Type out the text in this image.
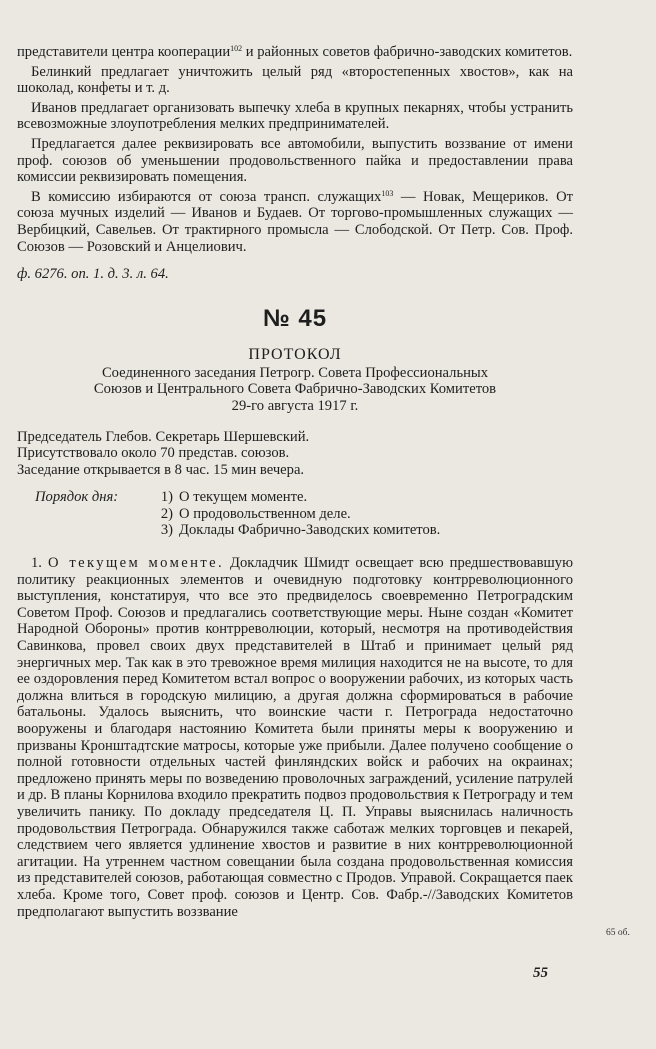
представители центра кооперации$^{102}$ и районных советов фабрично-заводских комитетов.

Белинкий предлагает уничтожить целый ряд «второстепенных хвостов», как на шоколад, конфеты и т. д.

Иванов предлагает организовать выпечку хлеба в крупных пекарнях, чтобы устранить всевозможные злоупотребления мелких предпринимателей.

Предлагается далее реквизировать все автомобили, выпустить воззвание от имени проф. союзов об уменьшении продовольственного пайка и предоставлении права комиссии реквизировать помещения.

В комиссию избираются от союза трансп. служащих$^{103}$ — Новак, Мещериков. От союза мучных изделий — Иванов и Будаев. От торгово-промышленных служащих — Вербицкий, Савельев. От трактирного промысла — Слободской. От Петр. Сов. Проф. Союзов — Розовский и Анцелиович.

ф. 6276. оп. 1. д. 3. л. 64.

№ 45
ПРОТОКОЛ
Соединенного заседания Петрогр. Совета Профессиональных
Союзов и Центрального Совета Фабрично-Заводских Комитетов
29-го августа 1917 г.
Председатель Глебов. Секретарь Шершевский.
Присутствовало около 70 представ. союзов.
Заседание открывается в 8 час. 15 мин вечера.
Порядок дня:	1) О текущем моменте.
2) О продовольственном деле.
3) Доклады Фабрично-Заводских комитетов.

1. О текущем моменте. Докладчик Шмидт освещает всю предшествовавшую политику реакционных элементов и очевидную подготовку контрреволюционного выступления, констатируя, что все это предвиделось своевременно Петроградским Советом Проф. Союзов и предлагались соответствующие меры. Ныне создан «Комитет Народной Обороны» против контрреволюции, который, несмотря на противодействия Савинкова, провел своих двух представителей в Штаб и принимает целый ряд энергичных мер. Так как в это тревожное время милиция находится не на высоте, то для ее оздоровления перед Комитетом встал вопрос о вооружении рабочих, из которых часть должна влиться в городскую милицию, а другая должна сформироваться в рабочие батальоны. Удалось выяснить, что воинские части г. Петрограда недостаточно вооружены и благодаря настоянию Комитета были приняты меры к вооружению и призваны Кронштадтские матросы, которые уже прибыли. Далее получено сообщение о полной готовности отдельных частей финляндских войск и рабочих на окраинах; предложено принять меры по возведению проволочных заграждений, усиление патрулей и др. В планы Корнилова входило прекратить подвоз продовольствия к Петрограду и тем увеличить панику. По докладу председателя Ц. П. Управы выяснилась наличность продовольствия Петрограда. Обнаружился также саботаж мелких торговцев и пекарей, следствием чего является удлинение хвостов и развитие в них контрреволюционной агитации. На утреннем частном совещании была создана продовольственная комиссия из представителей союзов, работающая совместно с Продов. Управой. Сокращается паек хлеба. Кроме того, Совет проф. союзов и Центр. Сов. Фабр.-//Заводских Комитетов предполагают выпустить воззвание

65 об.
55
